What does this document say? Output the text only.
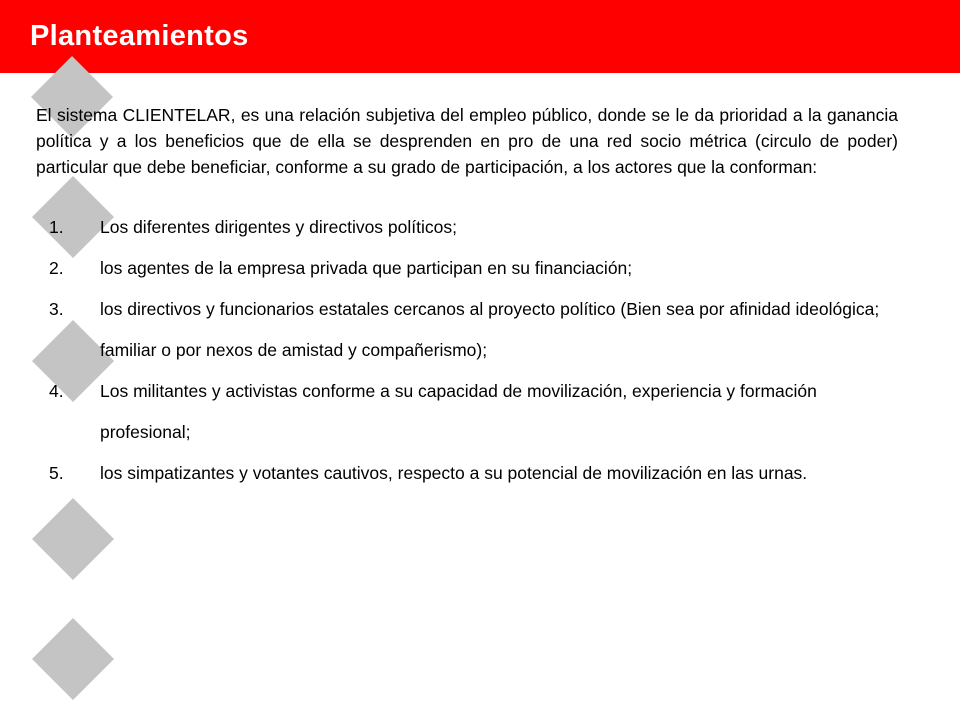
Planteamientos

El sistema CLIENTELAR, es una relación subjetiva del empleo público, donde se le da prioridad a la ganancia política y a los beneficios que de ella se desprenden en pro de una red socio métrica (circulo de poder) particular que debe beneficiar, conforme a su grado de participación, a los actores que la conforman:

1. Los diferentes dirigentes y directivos políticos;
2. los agentes de la empresa privada que participan en su financiación;
3. los directivos y funcionarios estatales cercanos al proyecto político (Bien sea por afinidad ideológica; familiar o por nexos de amistad y compañerismo);
4. Los militantes y activistas conforme a su capacidad de movilización, experiencia y formación profesional;
5. los simpatizantes y votantes cautivos, respecto a su potencial de movilización en las urnas.
